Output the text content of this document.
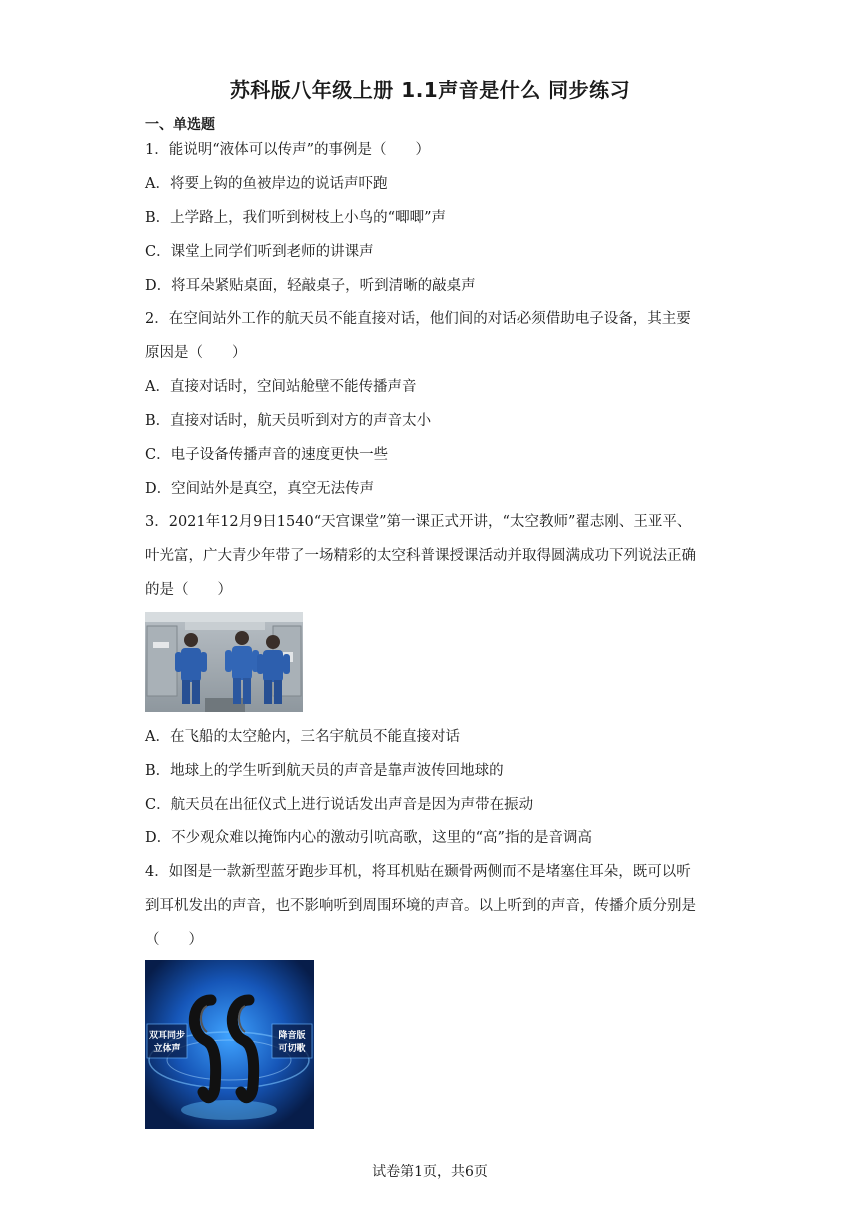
苏科版八年级上册 1.1声音是什么 同步练习
一、单选题
1．能说明“液体可以传声”的事例是（　　）
A．将要上钩的鱼被岸边的说话声吓跑
B．上学路上，我们听到树枝上小鸟的“唧唧”声
C．课堂上同学们听到老师的讲课声
D．将耳朵紧贴桌面，轻敲桌子，听到清晰的敲桌声
2．在空间站外工作的航天员不能直接对话，他们间的对话必须借助电子设备，其主要
原因是（　　）
A．直接对话时，空间站舱壁不能传播声音
B．直接对话时，航天员听到对方的声音太小
C．电子设备传播声音的速度更快一些
D．空间站外是真空，真空无法传声
3．2021年12月9日1540“天宫课堂”第一课正式开讲，“太空教师”翟志刚、王亚平、
叶光富，广大青少年带了一场精彩的太空科普课授课活动并取得圆满成功下列说法正确
的是（　　）
A．在飞船的太空舱内，三名宇航员不能直接对话
B．地球上的学生听到航天员的声音是靠声波传回地球的
C．航天员在出征仪式上进行说话发出声音是因为声带在振动
D．不少观众难以掩饰内心的激动引吭高歌，这里的“高”指的是音调高
4．如图是一款新型蓝牙跑步耳机，将耳机贴在颞骨两侧而不是堵塞住耳朵，既可以听
到耳机发出的声音，也不影响听到周围环境的声音。以上听到的声音，传播介质分别是
（　　）
双耳同步
立体声
降音版
可切歌
试卷第1页，共6页
